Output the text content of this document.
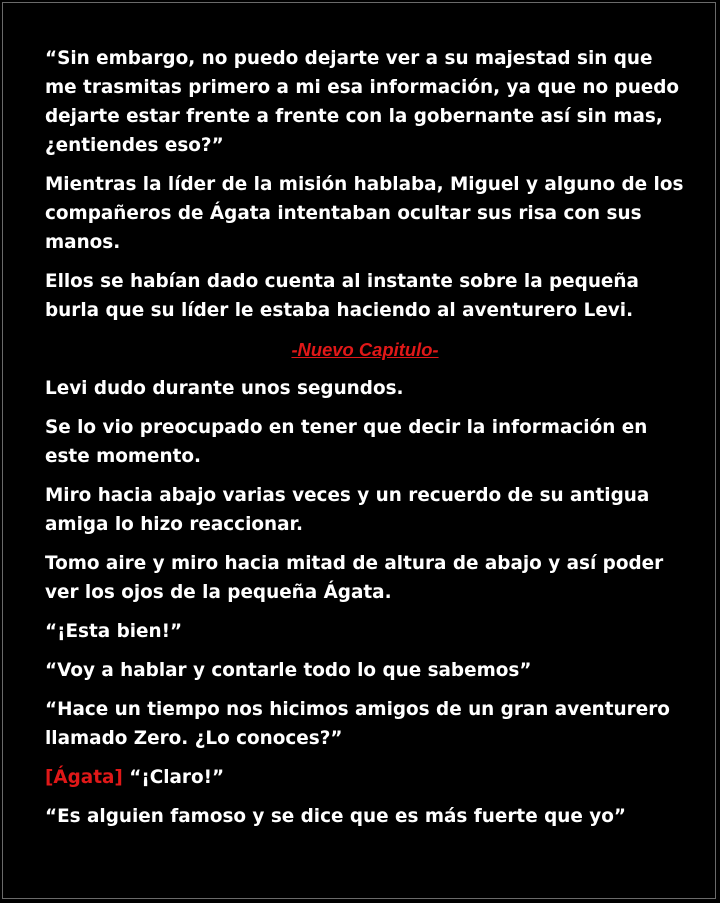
“Sin embargo, no puedo dejarte ver a su majestad sin que me trasmitas primero a mi esa información, ya que no puedo dejarte estar frente a frente con la gobernante así sin mas, ¿entiendes eso?”

Mientras la líder de la misión hablaba, Miguel y alguno de los compañeros de Ágata intentaban ocultar sus risa con sus manos.

Ellos se habían dado cuenta al instante sobre la pequeña burla que su líder le estaba haciendo al aventurero Levi.

-Nuevo Capitulo-

Levi dudo durante unos segundos.

Se lo vio preocupado en tener que decir la información en este momento.

Miro hacia abajo varias veces y un recuerdo de su antigua amiga lo hizo reaccionar.

Tomo aire y miro hacia mitad de altura de abajo y así poder ver los ojos de la pequeña Ágata.

“¡Esta bien!”

“Voy a hablar y contarle todo lo que sabemos”

“Hace un tiempo nos hicimos amigos de un gran aventurero llamado Zero. ¿Lo conoces?”

[Ágata] “¡Claro!”

“Es alguien famoso y se dice que es más fuerte que yo”
